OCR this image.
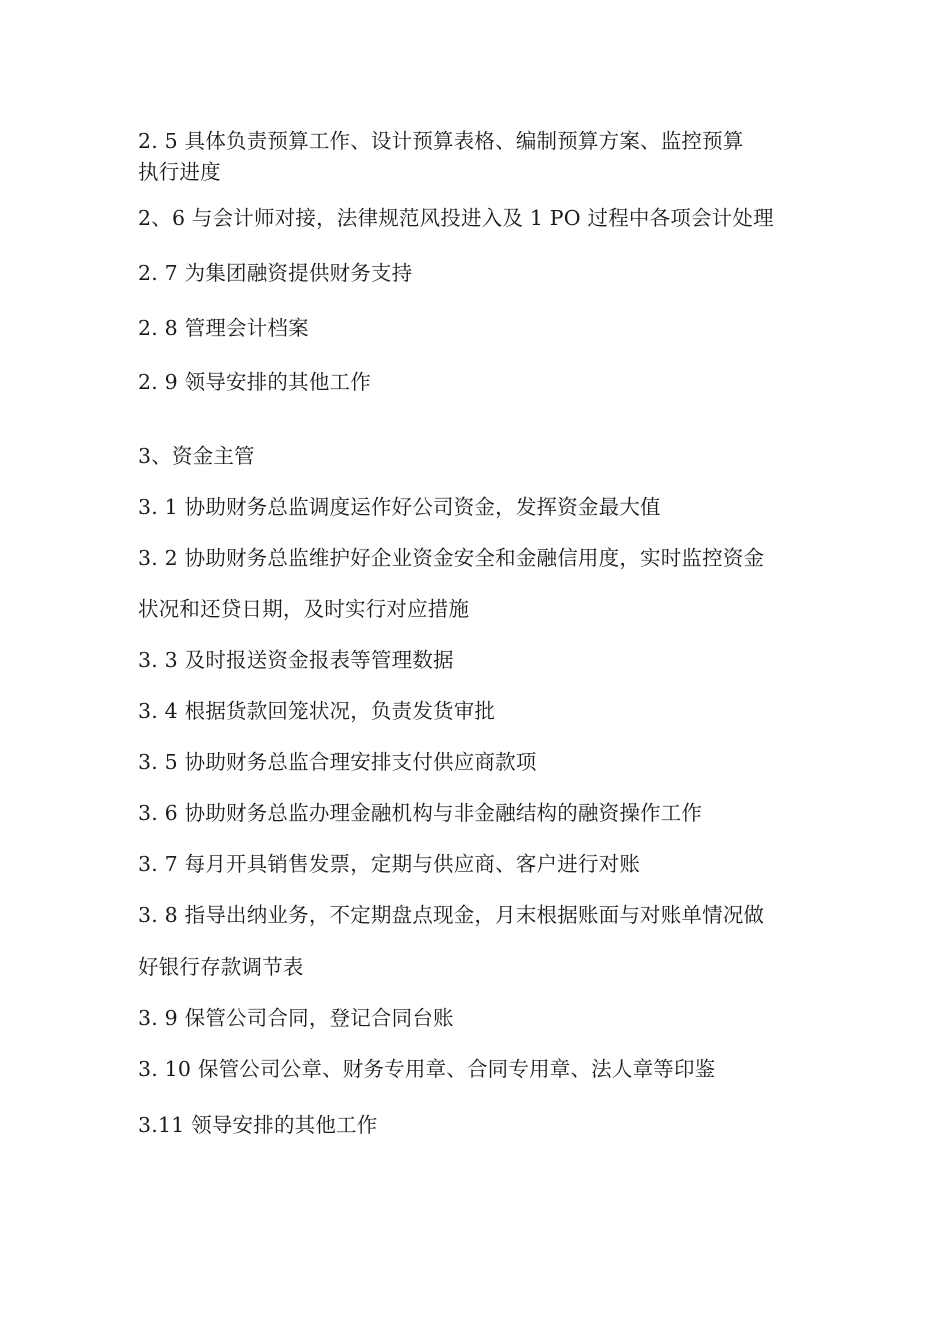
2. 5 具体负责预算工作、设计预算表格、编制预算方案、监控预算
执行进度
2、6 与会计师对接，法律规范风投进入及 1 PO 过程中各项会计处理
2. 7 为集团融资提供财务支持
2. 8 管理会计档案
2. 9 领导安排的其他工作
3、资金主管
3. 1 协助财务总监调度运作好公司资金，发挥资金最大值
3. 2 协助财务总监维护好企业资金安全和金融信用度，实时监控资金
状况和还贷日期，及时实行对应措施
3. 3 及时报送资金报表等管理数据
3. 4 根据货款回笼状况，负责发货审批
3. 5 协助财务总监合理安排支付供应商款项
3. 6 协助财务总监办理金融机构与非金融结构的融资操作工作
3. 7 每月开具销售发票，定期与供应商、客户进行对账
3. 8 指导出纳业务，不定期盘点现金，月末根据账面与对账单情况做
好银行存款调节表
3. 9 保管公司合同，登记合同台账
3. 10 保管公司公章、财务专用章、合同专用章、法人章等印鉴
3.11 领导安排的其他工作
